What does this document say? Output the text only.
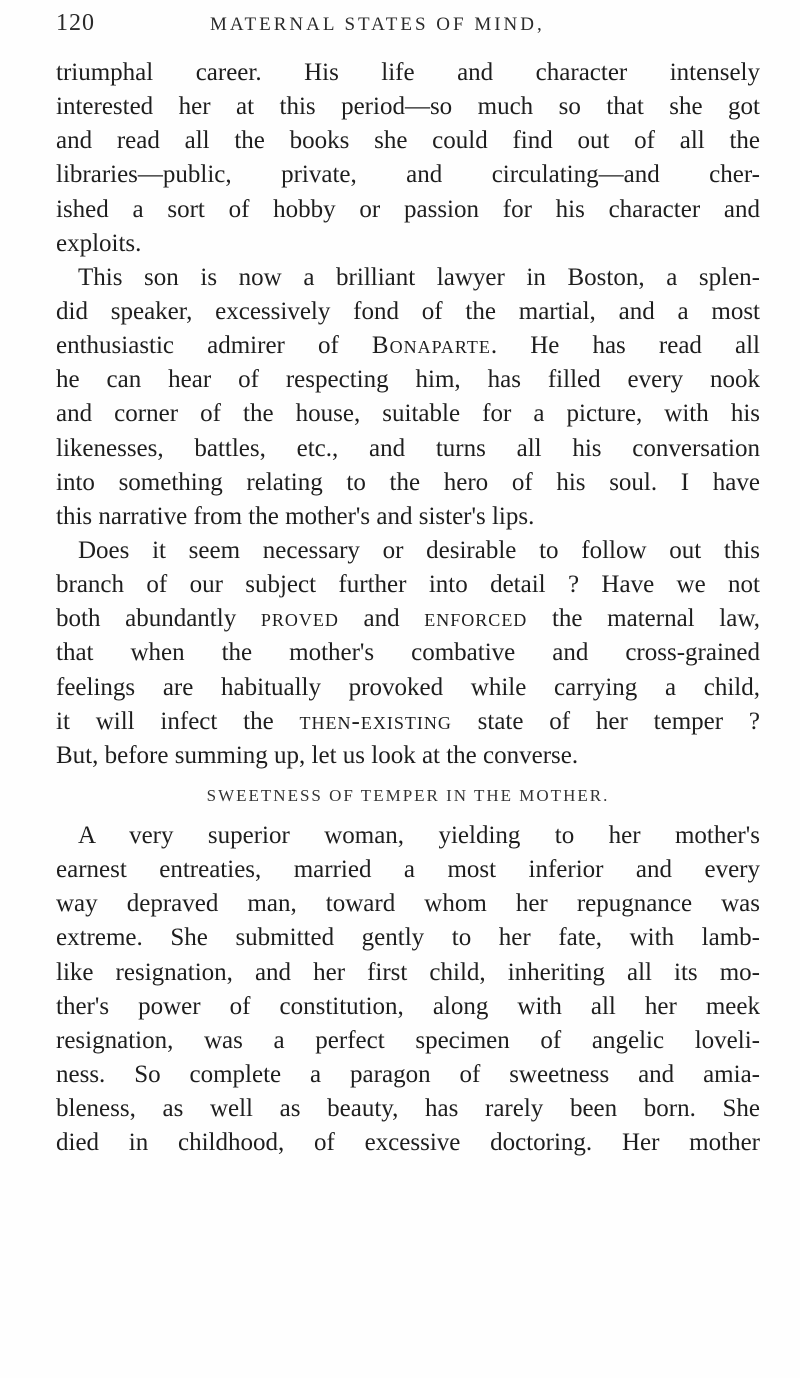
120	MATERNAL STATES OF MIND,
triumphal career. His life and character intensely
interested her at this period—so much so that she got
and read all the books she could find out of all the
libraries—public, private, and circulating—and cher-
ished a sort of hobby or passion for his character and
exploits.
This son is now a brilliant lawyer in Boston, a splen-
did speaker, excessively fond of the martial, and a most
enthusiastic admirer of Bonaparte. He has read all
he can hear of respecting him, has filled every nook
and corner of the house, suitable for a picture, with his
likenesses, battles, etc., and turns all his conversation
into something relating to the hero of his soul. I have
this narrative from the mother's and sister's lips.
Does it seem necessary or desirable to follow out this
branch of our subject further into detail ? Have we not
both abundantly proved and enforced the maternal law,
that when the mother's combative and cross-grained
feelings are habitually provoked while carrying a child,
it will infect the then-existing state of her temper ?
But, before summing up, let us look at the converse.
SWEETNESS OF TEMPER IN THE MOTHER.
A very superior woman, yielding to her mother's
earnest entreaties, married a most inferior and every
way depraved man, toward whom her repugnance was
extreme. She submitted gently to her fate, with lamb-
like resignation, and her first child, inheriting all its mo-
ther's power of constitution, along with all her meek
resignation, was a perfect specimen of angelic loveli-
ness. So complete a paragon of sweetness and amia-
bleness, as well as beauty, has rarely been born. She
died in childhood, of excessive doctoring. Her mother
